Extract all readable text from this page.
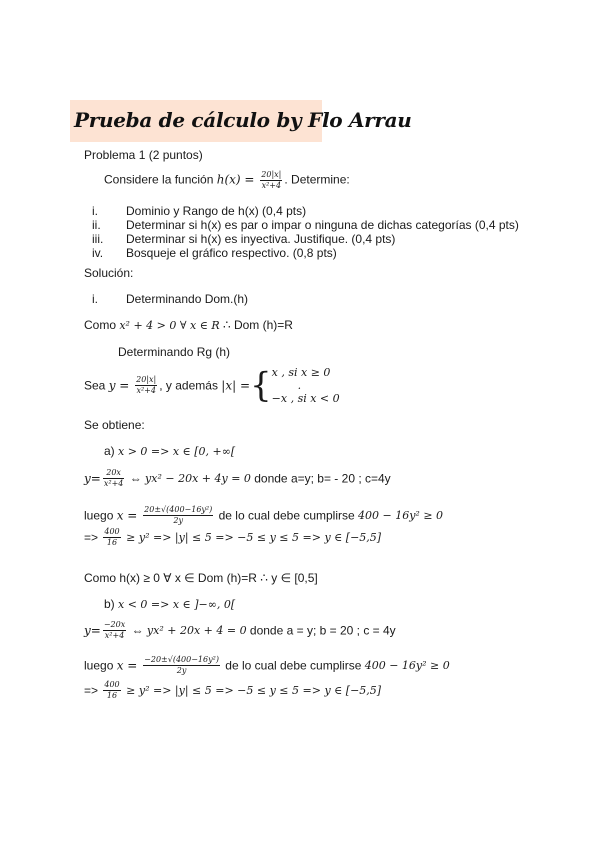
Prueba de cálculo by Flo Arrau
Problema 1 (2 puntos)
Considere la función $h(x) = \frac{20|x|}{\text{x²+4}}$ . Determine:
i. Dominio y Rango de h(x) (0,4 pts)
ii. Determinar si h(x) es par o impar o ninguna de dichas categorías (0,4 pts)
iii. Determinar si h(x) es inyectiva. Justifique. (0,4 pts)
iv. Bosqueje el gráfico respectivo. (0,8 pts)
Solución:
i. Determinando Dom.(h)
Como x² + 4 > 0 ∀ x ∈ R ∴ Dom (h)=R
Determinando Rg (h)
Sea $y = \frac{20|x|}{\text{x²+4}}$ , y además |x| ={ x , si x ≥ 0
.
−x , si x < 0
Se obtiene:
a) x > 0 => x ∈ [0, +∞[
$y= \frac{20x}{\text{x²+4}}$ ⇔ yx² − 20x + 4y = 0 donde a=y; b= - 20 ; c=4y
luego $x = \frac{\text{20±√(400−16y²)}}{2y}$ de lo cual debe cumplirse 400 − 16y² ≥ 0
=> $\frac{400}{16} \ge y^2 => |y| \le 5 => -5 \le y \le 5 => y$ ∈ [−5,5]
Como h(x) ≥ 0 ∀ x ∈ Dom (h)=R ∴ y ∈ [0,5]
b) x < 0 => x ∈ ]−∞, 0[
$y= \frac{-20x}{\text{x²+4}}$ ⇔ yx² + 20x + 4 = 0 donde a = y; b = 20 ; c = 4y
luego $x = \frac{\text{−20±√(400−16y²)}}{2y}$ de lo cual debe cumplirse 400 − 16y² ≥ 0
=> $\frac{400}{16} \ge y^2 => |y| \le 5 => -5 \le y \le 5 => y$ ∈ [−5,5]
